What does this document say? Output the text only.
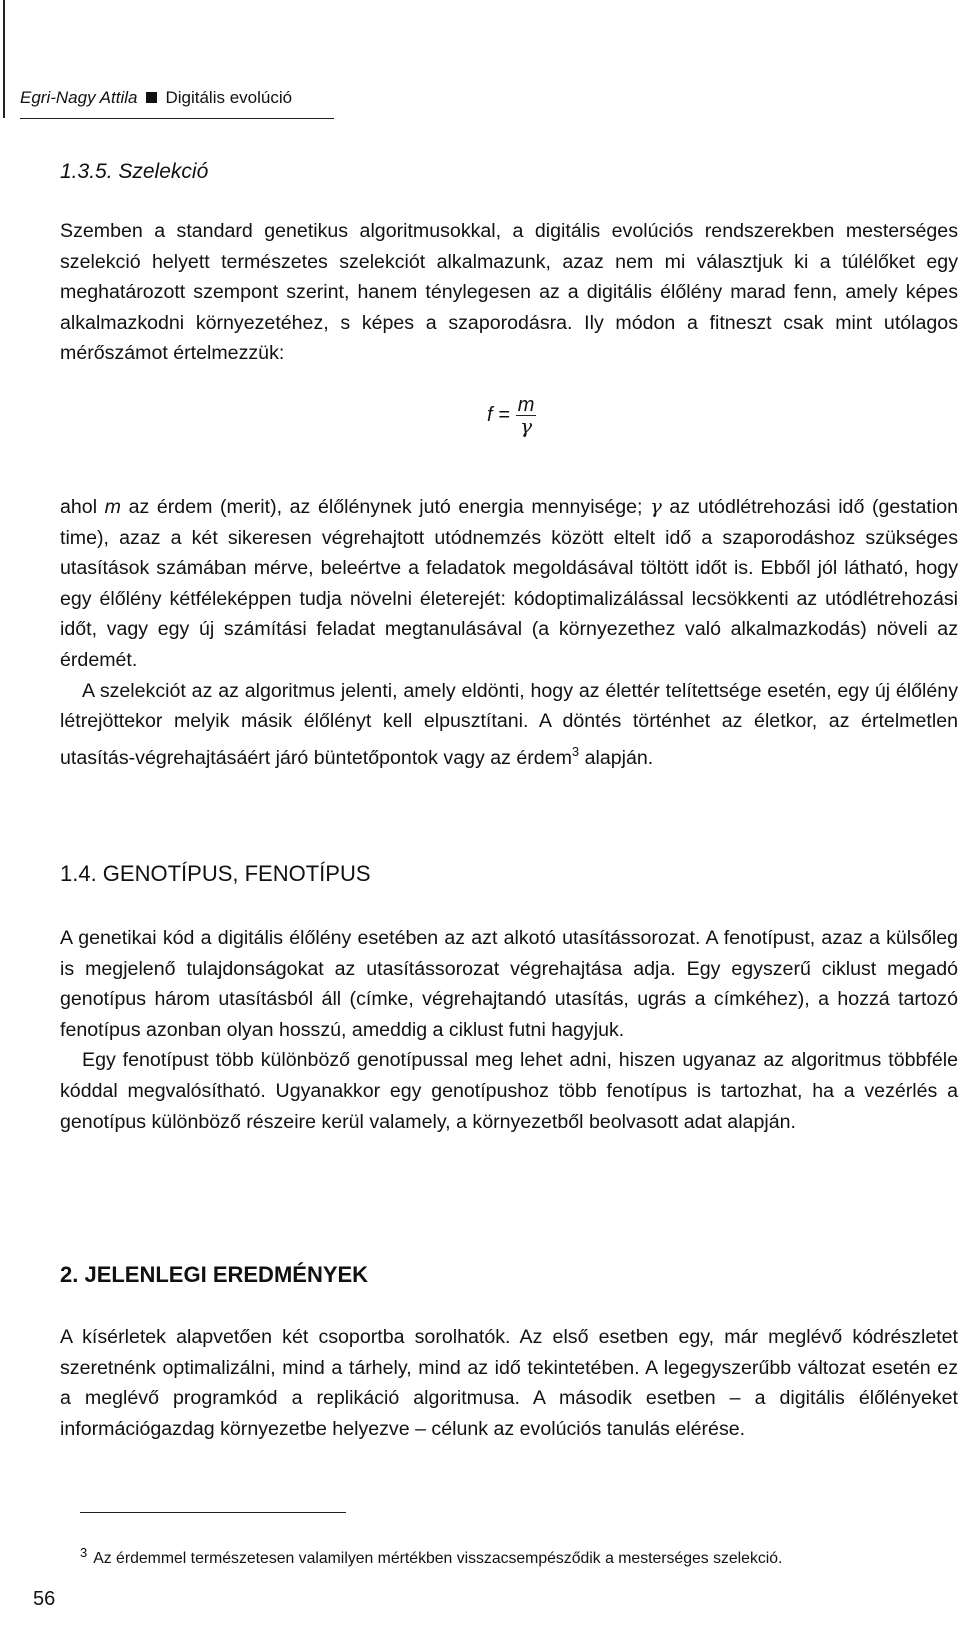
Egri-Nagy Attila Digitális evolúció
1.3.5. Szelekció

Szemben a standard genetikus algoritmusokkal, a digitális evolúciós rendszerekben mesterséges szelekció helyett természetes szelekciót alkalmazunk, azaz nem mi választjuk ki a túlélőket egy meghatározott szempont szerint, hanem ténylegesen az a digitális élőlény marad fenn, amely képes alkalmazkodni környezetéhez, s képes a szaporodásra. Ily módon a fitneszt csak mint utólagos mérőszámot értelmezzük:

$f = \frac{m}{\gamma}$

ahol m az érdem (merit), az élőlénynek jutó energia mennyisége; γ az utódlétrehozási idő (gestation time), azaz a két sikeresen végrehajtott utódnemzés között eltelt idő a szaporodáshoz szükséges utasítások számában mérve, beleértve a feladatok megoldásával töltött időt is. Ebből jól látható, hogy egy élőlény kétféleképpen tudja növelni életerejét: kódoptimalizálással lecsökkenti az utódlétrehozási időt, vagy egy új számítási feladat megtanulásával (a környezethez való alkalmazkodás) növeli az érdemét.

A szelekciót az az algoritmus jelenti, amely eldönti, hogy az élettér telítettsége esetén, egy új élőlény létrejöttekor melyik másik élőlényt kell elpusztítani. A döntés történhet az életkor, az értelmetlen utasítás-végrehajtásáért járó büntetőpontok vagy az érdem$^3$ alapján.

1.4. GENOTÍPUS, FENOTÍPUS

A genetikai kód a digitális élőlény esetében az azt alkotó utasítássorozat. A fenotípust, azaz a külsőleg is megjelenő tulajdonságokat az utasítássorozat végrehajtása adja. Egy egyszerű ciklust megadó genotípus három utasításból áll (címke, végrehajtandó utasítás, ugrás a címkéhez), a hozzá tartozó fenotípus azonban olyan hosszú, ameddig a ciklust futni hagyjuk.

Egy fenotípust több különböző genotípussal meg lehet adni, hiszen ugyanaz az algoritmus többféle kóddal megvalósítható. Ugyanakkor egy genotípushoz több fenotípus is tartozhat, ha a vezérlés a genotípus különböző részeire kerül valamely, a környezetből beolvasott adat alapján.

2. JELENLEGI EREDMÉNYEK

A kísérletek alapvetően két csoportba sorolhatók. Az első esetben egy, már meglévő kódrészletet szeretnénk optimalizálni, mind a tárhely, mind az idő tekintetében. A legegyszerűbb változat esetén ez a meglévő programkód a replikáció algoritmusa. A második esetben – a digitális élőlényeket információgazdag környezetbe helyezve – célunk az evolúciós tanulás elérése.

$^3$ Az érdemmel természetesen valamilyen mértékben visszacsempésződik a mesterséges szelekció.
56
